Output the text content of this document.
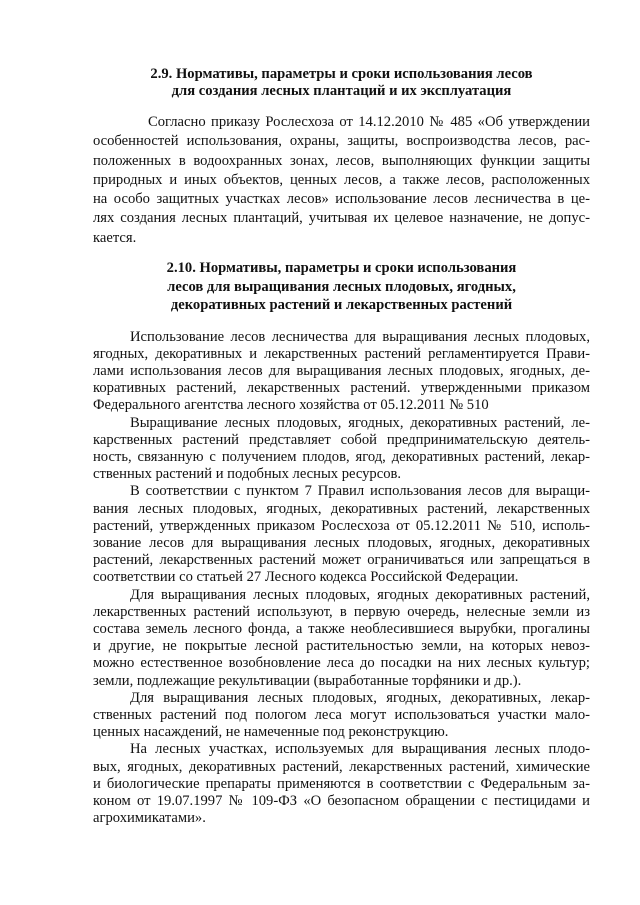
2.9. Нормативы, параметры и сроки использования лесов
для создания лесных плантаций и их эксплуатация
Согласно приказу Рослесхоза от 14.12.2010 № 485 «Об утверждении
особенностей использования, охраны, защиты, воспроизводства лесов, рас-
положенных в водоохранных зонах, лесов, выполняющих функции защиты
природных и иных объектов, ценных лесов, а также лесов, расположенных
на особо защитных участках лесов» использование лесов лесничества в це-
лях создания лесных плантаций, учитывая их целевое назначение, не допус-
кается.
2.10. Нормативы, параметры и сроки использования
лесов для выращивания лесных плодовых, ягодных,
декоративных растений и лекарственных растений
Использование лесов лесничества для выращивания лесных плодовых,
ягодных, декоративных и лекарственных растений регламентируется Прави-
лами использования лесов для выращивания лесных плодовых, ягодных, де-
коративных растений, лекарственных растений. утвержденными приказом
Федерального агентства лесного хозяйства от 05.12.2011 № 510
Выращивание лесных плодовых, ягодных, декоративных растений, ле-
карственных растений представляет собой предпринимательскую деятель-
ность, связанную с получением плодов, ягод, декоративных растений, лекар-
ственных растений и подобных лесных ресурсов.
В соответствии с пунктом 7 Правил использования лесов для выращи-
вания лесных плодовых, ягодных, декоративных растений, лекарственных
растений, утвержденных приказом Рослесхоза от 05.12.2011 № 510, исполь-
зование лесов для выращивания лесных плодовых, ягодных, декоративных
растений, лекарственных растений может ограничиваться или запрещаться в
соответствии со статьей 27 Лесного кодекса Российской Федерации.
Для выращивания лесных плодовых, ягодных декоративных растений,
лекарственных растений используют, в первую очередь, нелесные земли из
состава земель лесного фонда, а также необлесившиеся вырубки, прогалины
и другие, не покрытые лесной растительностью земли, на которых невоз-
можно естественное возобновление леса до посадки на них лесных культур;
земли, подлежащие рекультивации (выработанные торфяники и др.).
Для выращивания лесных плодовых, ягодных, декоративных, лекар-
ственных растений под пологом леса могут использоваться участки мало-
ценных насаждений, не намеченные под реконструкцию.
На лесных участках, используемых для выращивания лесных плодо-
вых, ягодных, декоративных растений, лекарственных растений, химические
и биологические препараты применяются в соответствии с Федеральным за-
коном от 19.07.1997 № 109-ФЗ «О безопасном обращении с пестицидами и
агрохимикатами».
